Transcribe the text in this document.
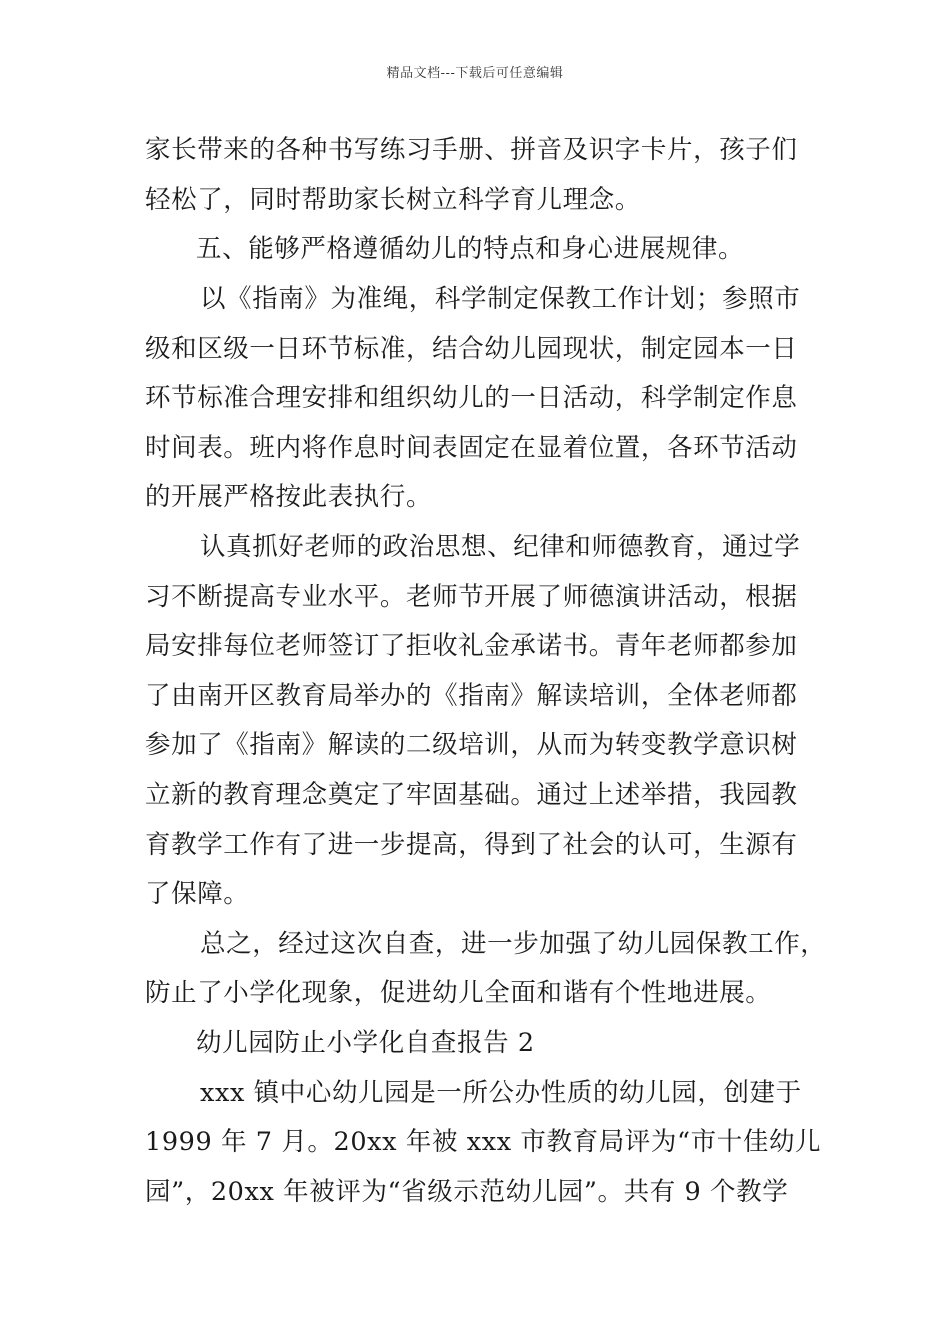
精品文档---下载后可任意编辑
家长带来的各种书写练习手册、拼音及识字卡片，孩子们
轻松了，同时帮助家长树立科学育儿理念。
五、能够严格遵循幼儿的特点和身心进展规律。
以《指南》为准绳，科学制定保教工作计划；参照市
级和区级一日环节标准，结合幼儿园现状，制定园本一日
环节标准合理安排和组织幼儿的一日活动，科学制定作息
时间表。班内将作息时间表固定在显着位置，各环节活动
的开展严格按此表执行。
认真抓好老师的政治思想、纪律和师德教育，通过学
习不断提高专业水平。老师节开展了师德演讲活动，根据
局安排每位老师签订了拒收礼金承诺书。青年老师都参加
了由南开区教育局举办的《指南》解读培训，全体老师都
参加了《指南》解读的二级培训，从而为转变教学意识树
立新的教育理念奠定了牢固基础。通过上述举措，我园教
育教学工作有了进一步提高，得到了社会的认可，生源有
了保障。
总之，经过这次自查，进一步加强了幼儿园保教工作，
防止了小学化现象，促进幼儿全面和谐有个性地进展。
幼儿园防止小学化自查报告 2
xxx 镇中心幼儿园是一所公办性质的幼儿园，创建于
1999 年 7 月。20xx 年被 xxx 市教育局评为“市十佳幼儿
园”，20xx 年被评为“省级示范幼儿园”。共有 9 个教学
